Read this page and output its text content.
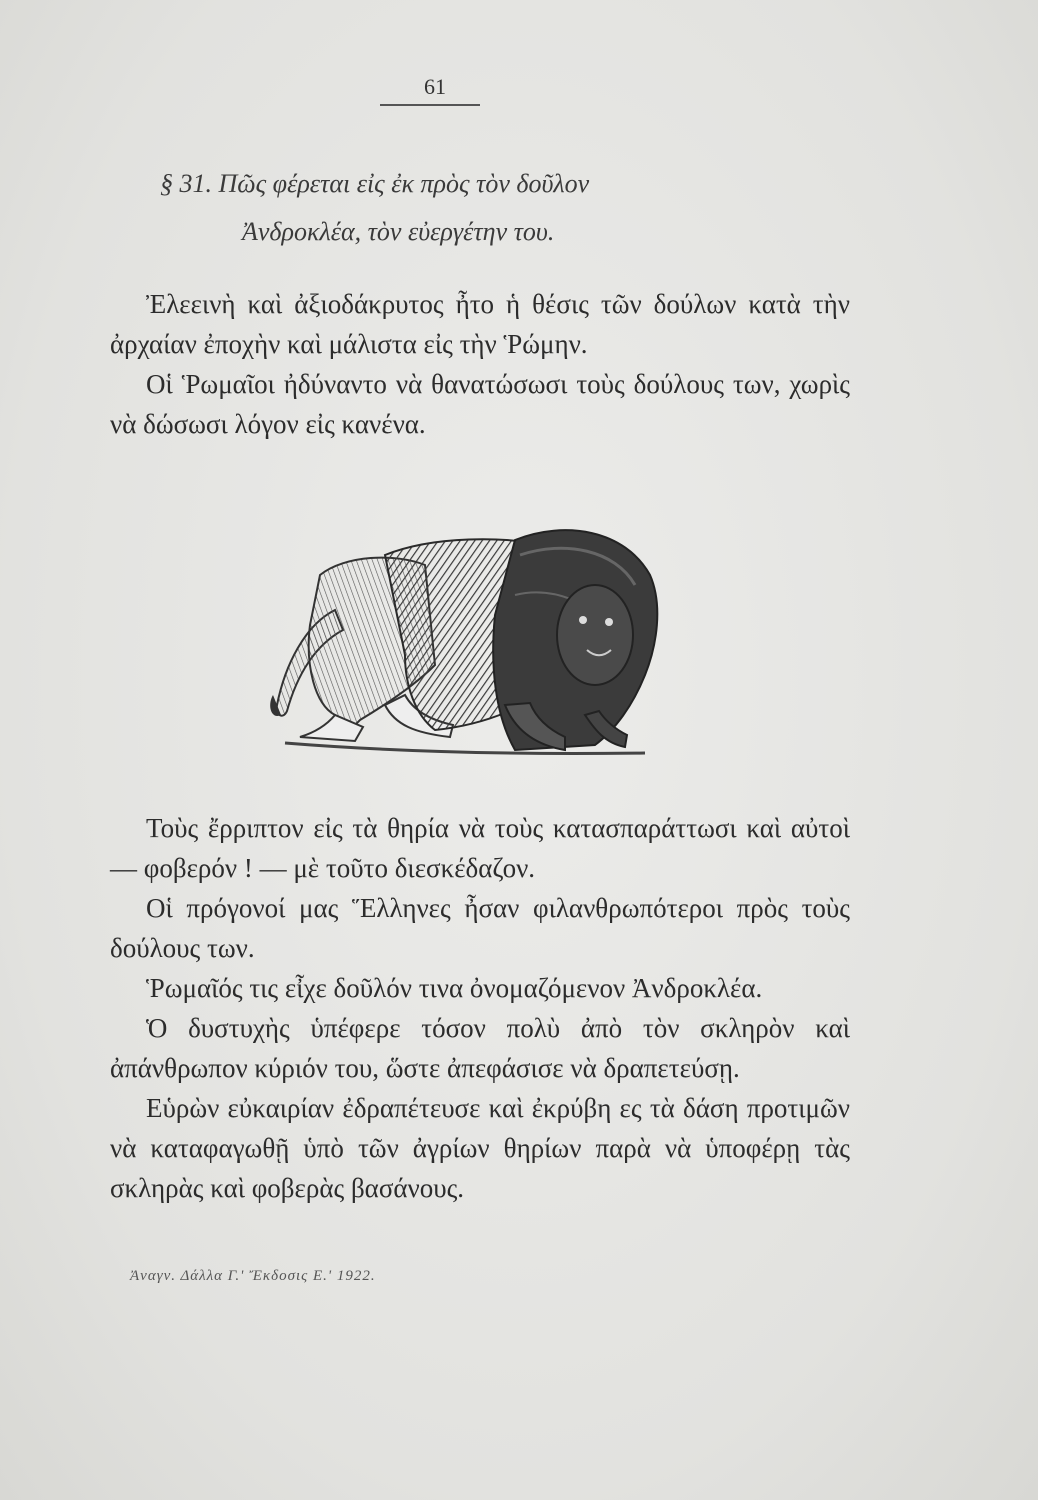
61
§ 31. Πῶς φέρεται εἰς ἐκ πρὸς τὸν δοῦλον
Ἀνδροκλέα, τὸν εὐεργέτην του.

Ἐλεεινὴ καὶ ἀξιοδάκρυτος ἦτο ἡ θέσις τῶν δούλων κατὰ τὴν ἀρχαίαν ἐποχὴν καὶ μάλιστα εἰς τὴν Ῥώμην.

Οἱ Ῥωμαῖοι ἠδύναντο νὰ θανατώσωσι τοὺς δούλους των, χωρὶς νὰ δώσωσι λόγον εἰς κανένα.

Τοὺς ἔρριπτον εἰς τὰ θηρία νὰ τοὺς κατασπαράττωσι καὶ αὐτοὶ — φοβερόν ! — μὲ τοῦτο διεσκέδαζον.

Οἱ πρόγονοί μας Ἕλληνες ἦσαν φιλανθρωπότεροι πρὸς τοὺς δούλους των.

Ῥωμαῖός τις εἶχε δοῦλόν τινα ὀνομαζόμενον Ἀνδροκλέα.

Ὁ δυστυχὴς ὑπέφερε τόσον πολὺ ἀπὸ τὸν σκληρὸν καὶ ἀπάνθρωπον κύριόν του, ὥστε ἀπεφάσισε νὰ δραπετεύσῃ.

Εὑρὼν εὐκαιρίαν ἐδραπέτευσε καὶ ἐκρύβη ες τὰ δάση προτιμῶν νὰ καταφαγωθῇ ὑπὸ τῶν ἀγρίων θηρίων παρὰ νὰ ὑποφέρῃ τὰς σκληρὰς καὶ φοβερὰς βασάνους.

Ἀναγν. Δάλλα Γ.' Ἔκδοσις Ε.' 1922.
